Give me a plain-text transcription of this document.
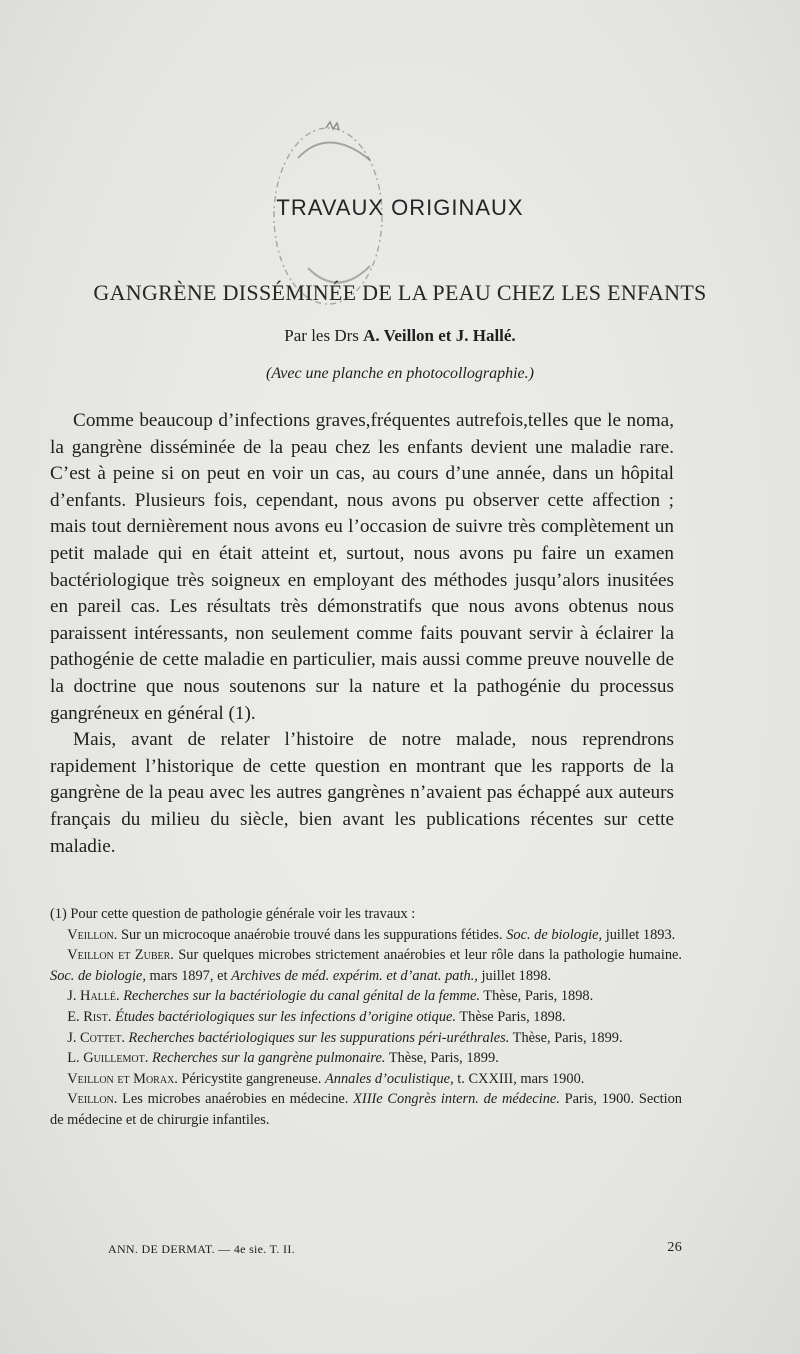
TRAVAUX ORIGINAUX
GANGRÈNE DISSÉMINÉE DE LA PEAU CHEZ LES ENFANTS
Par les Drs A. Veillon et J. Hallé.
(Avec une planche en photocollographie.)

Comme beaucoup d’infections graves,fréquentes autrefois,telles que le noma, la gangrène disséminée de la peau chez les enfants devient une maladie rare. C’est à peine si on peut en voir un cas, au cours d’une année, dans un hôpital d’enfants. Plusieurs fois, cependant, nous avons pu observer cette affection ; mais tout dernièrement nous avons eu l’occasion de suivre très complètement un petit malade qui en était atteint et, surtout, nous avons pu faire un examen bactériologique très soigneux en employant des méthodes jusqu’alors inusitées en pareil cas. Les résultats très démonstratifs que nous avons obtenus nous paraissent intéressants, non seulement comme faits pouvant servir à éclairer la pathogénie de cette maladie en particulier, mais aussi comme preuve nouvelle de la doctrine que nous soutenons sur la nature et la pathogénie du processus gangréneux en général (1).

Mais, avant de relater l’histoire de notre malade, nous reprendrons rapidement l’historique de cette question en montrant que les rapports de la gangrène de la peau avec les autres gangrènes n’avaient pas échappé aux auteurs français du milieu du siècle, bien avant les publications récentes sur cette maladie.

(1) Pour cette question de pathologie générale voir les travaux :

Veillon. Sur un microcoque anaérobie trouvé dans les suppurations fétides. Soc. de biologie, juillet 1893.

Veillon et Zuber. Sur quelques microbes strictement anaérobies et leur rôle dans la pathologie humaine. Soc. de biologie, mars 1897, et Archives de méd. expérim. et d’anat. path., juillet 1898.

J. Hallé. Recherches sur la bactériologie du canal génital de la femme. Thèse, Paris, 1898.

E. Rist. Études bactériologiques sur les infections d’origine otique. Thèse Paris, 1898.

J. Cottet. Recherches bactériologiques sur les suppurations péri-uréthrales. Thèse, Paris, 1899.

L. Guillemot. Recherches sur la gangrène pulmonaire. Thèse, Paris, 1899.

Veillon et Morax. Péricystite gangreneuse. Annales d’oculistique, t. CXXIII, mars 1900.

Veillon. Les microbes anaérobies en médecine. XIIIe Congrès intern. de médecine. Paris, 1900. Section de médecine et de chirurgie infantiles.

ANN. DE DERMAT. — 4e sie. T. II.	26
